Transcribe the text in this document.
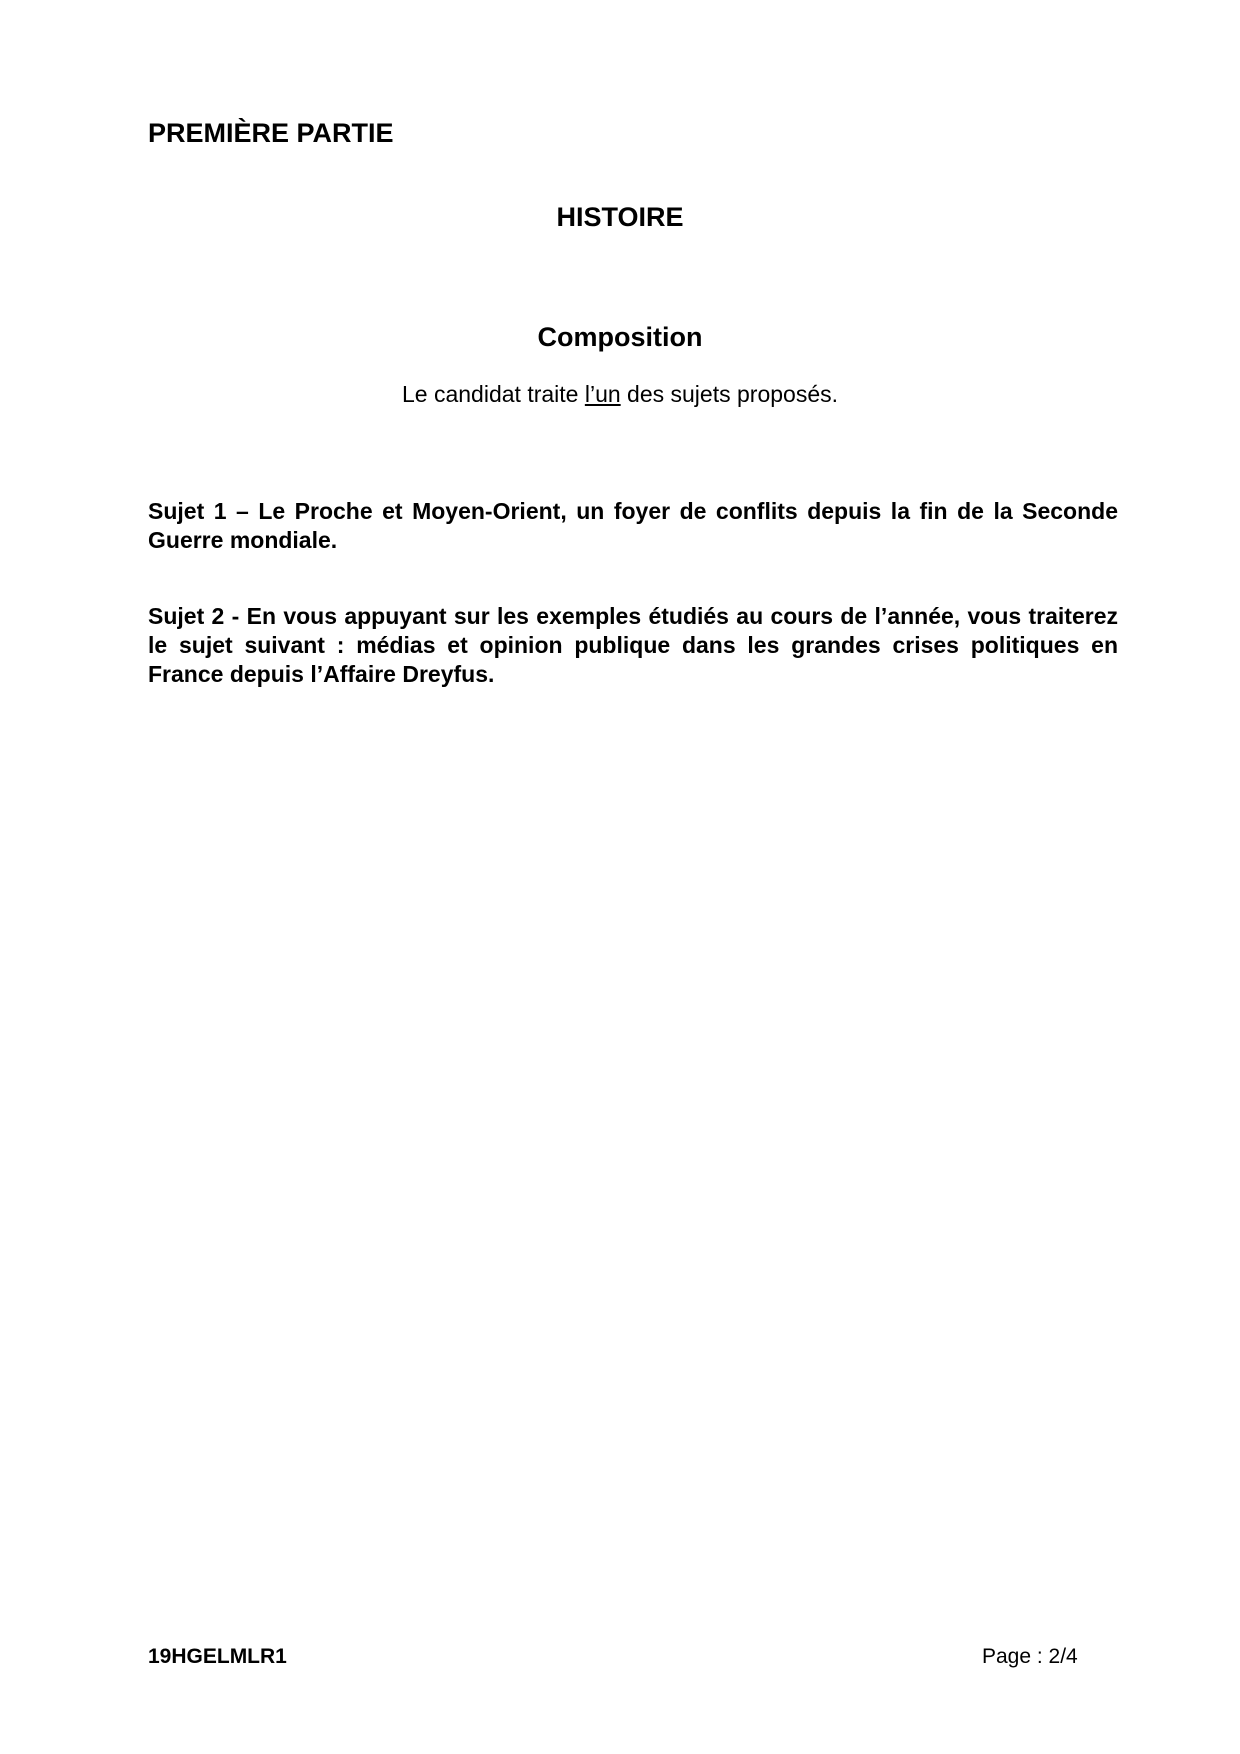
PREMIÈRE PARTIE
HISTOIRE
Composition

Le candidat traite l’un des sujets proposés.

Sujet 1 – Le Proche et Moyen-Orient, un foyer de conflits depuis la fin de la Seconde Guerre mondiale.

Sujet 2 - En vous appuyant sur les exemples étudiés au cours de l’année, vous traiterez le sujet suivant : médias et opinion publique dans les grandes crises politiques en France depuis l’Affaire Dreyfus.

19HGELMLR1	Page : 2/4
